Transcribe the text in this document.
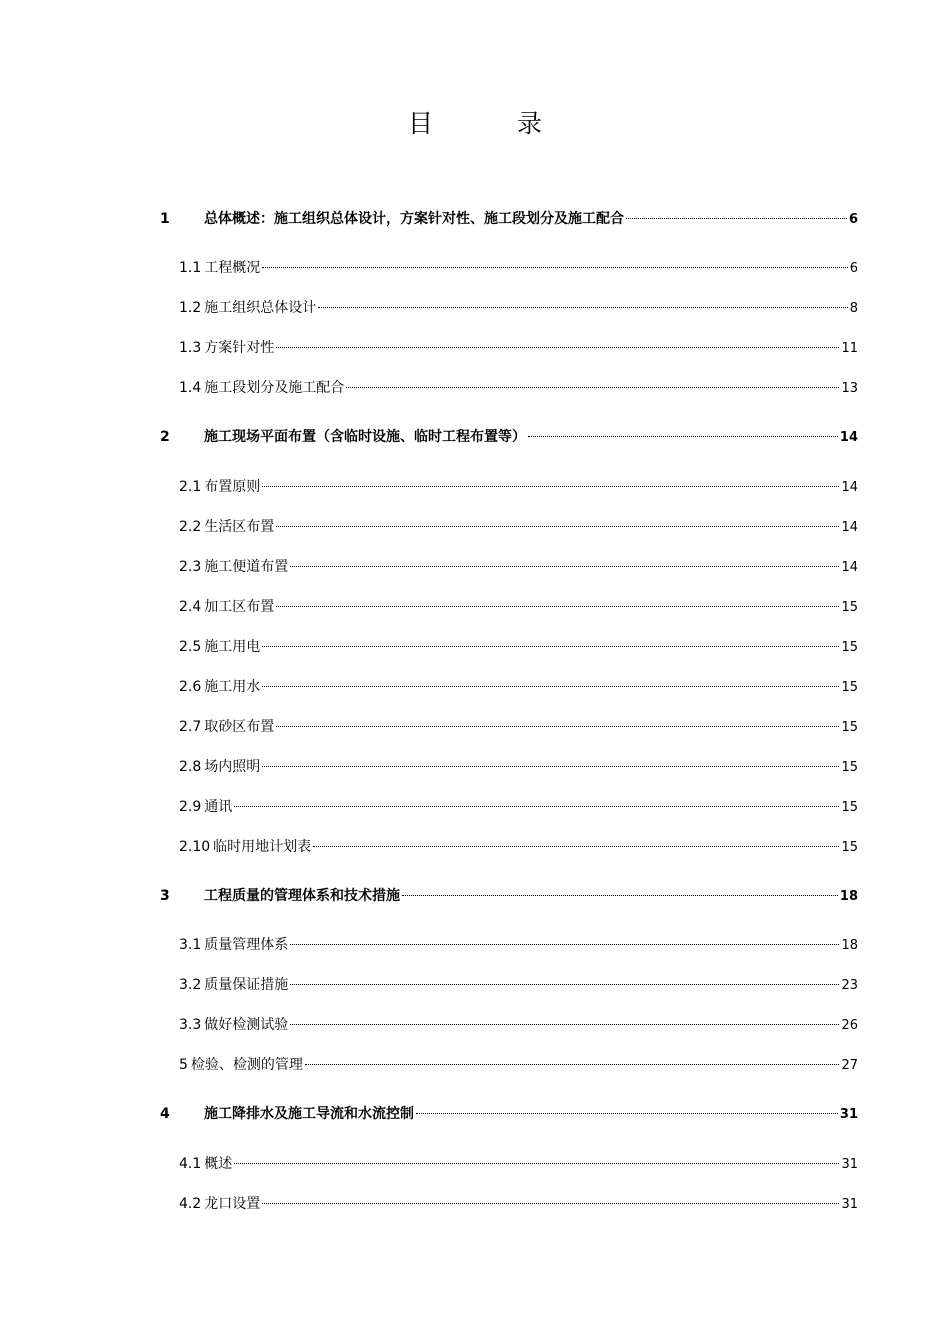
目 录
1	总体概述：施工组织总体设计，方案针对性、施工段划分及施工配合	6
1.1 工程概况	6
1.2 施工组织总体设计	8
1.3 方案针对性	11
1.4 施工段划分及施工配合	13
2	施工现场平面布置（含临时设施、临时工程布置等）	14
2.1 布置原则	14
2.2 生活区布置	14
2.3 施工便道布置	14
2.4 加工区布置	15
2.5 施工用电	15
2.6 施工用水	15
2.7 取砂区布置	15
2.8 场内照明	15
2.9 通讯	15
2.10 临时用地计划表	15
3	工程质量的管理体系和技术措施	18
3.1 质量管理体系	18
3.2 质量保证措施	23
3.3 做好检测试验	26
5 检验、检测的管理	27
4	施工降排水及施工导流和水流控制	31
4.1 概述	31
4.2 龙口设置	31
